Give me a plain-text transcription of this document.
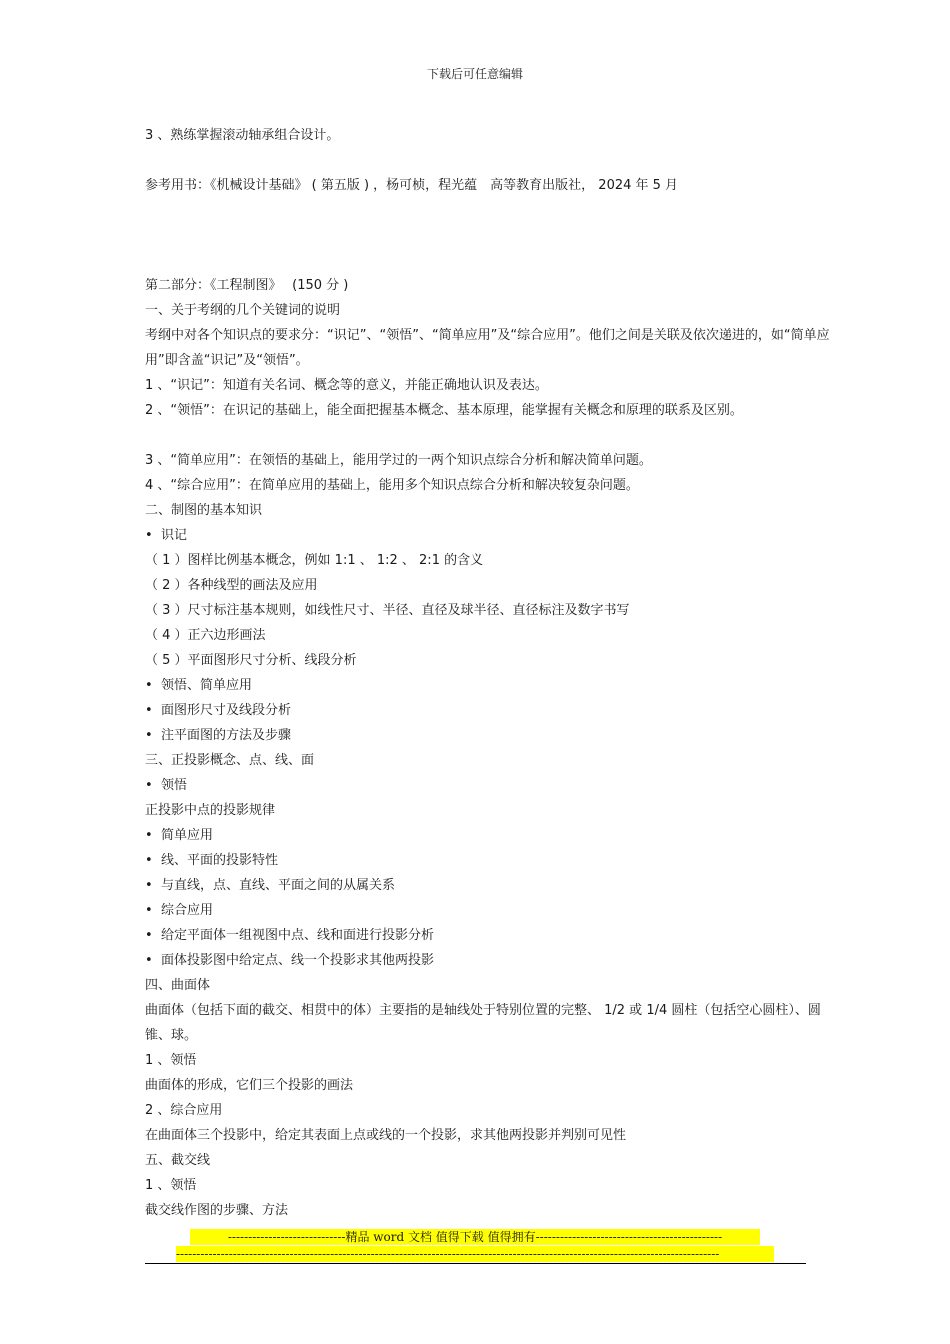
下载后可任意编辑
3 、熟练掌握滚动轴承组合设计。
参考用书：《机械设计基础》 ( 第五版 ) ，杨可桢，程光蕴　高等教育出版社， 2024 年 5 月
第二部分：《工程制图》　 (150 分 )
一、关于考纲的几个关键词的说明
考纲中对各个知识点的要求分：“识记”、“领悟”、“简单应用”及“综合应用”。他们之间是关联及依次递进的，如“简单应用”即含盖“识记”及“领悟”。
1 、“识记”：知道有关名词、概念等的意义，并能正确地认识及表达。
2 、“领悟”：在识记的基础上，能全面把握基本概念、基本原理，能掌握有关概念和原理的联系及区别。
3 、“简单应用”：在领悟的基础上，能用学过的一两个知识点综合分析和解决简单问题。
4 、“综合应用”：在简单应用的基础上，能用多个知识点综合分析和解决较复杂问题。
二、制图的基本知识
• 识记
（ 1 ）图样比例基本概念，例如 1:1 、 1:2 、 2:1 的含义
（ 2 ）各种线型的画法及应用
（ 3 ）尺寸标注基本规则，如线性尺寸、半径、直径及球半径、直径标注及数字书写
（ 4 ）正六边形画法
（ 5 ）平面图形尺寸分析、线段分析
• 领悟、简单应用
• 面图形尺寸及线段分析
• 注平面图的方法及步骤
三、正投影概念、点、线、面
• 领悟
正投影中点的投影规律
• 简单应用
• 线、平面的投影特性
• 与直线，点、直线、平面之间的从属关系
• 综合应用
• 给定平面体一组视图中点、线和面进行投影分析
• 面体投影图中给定点、线一个投影求其他两投影
四、曲面体
曲面体（包括下面的截交、相贯中的体）主要指的是轴线处于特别位置的完整、 1/2 或 1/4 圆柱（包括空心圆柱）、圆锥、球。
1 、领悟
曲面体的形成，它们三个投影的画法
2 、综合应用
在曲面体三个投影中，给定其表面上点或线的一个投影，求其他两投影并判别可见性
五、截交线
1 、领悟
截交线作图的步骤、方法
-----------------------------精品 word 文档 值得下载 值得拥有----------------------------------------------
--------------------------------------------------------------------------------------------------------------------------------------
